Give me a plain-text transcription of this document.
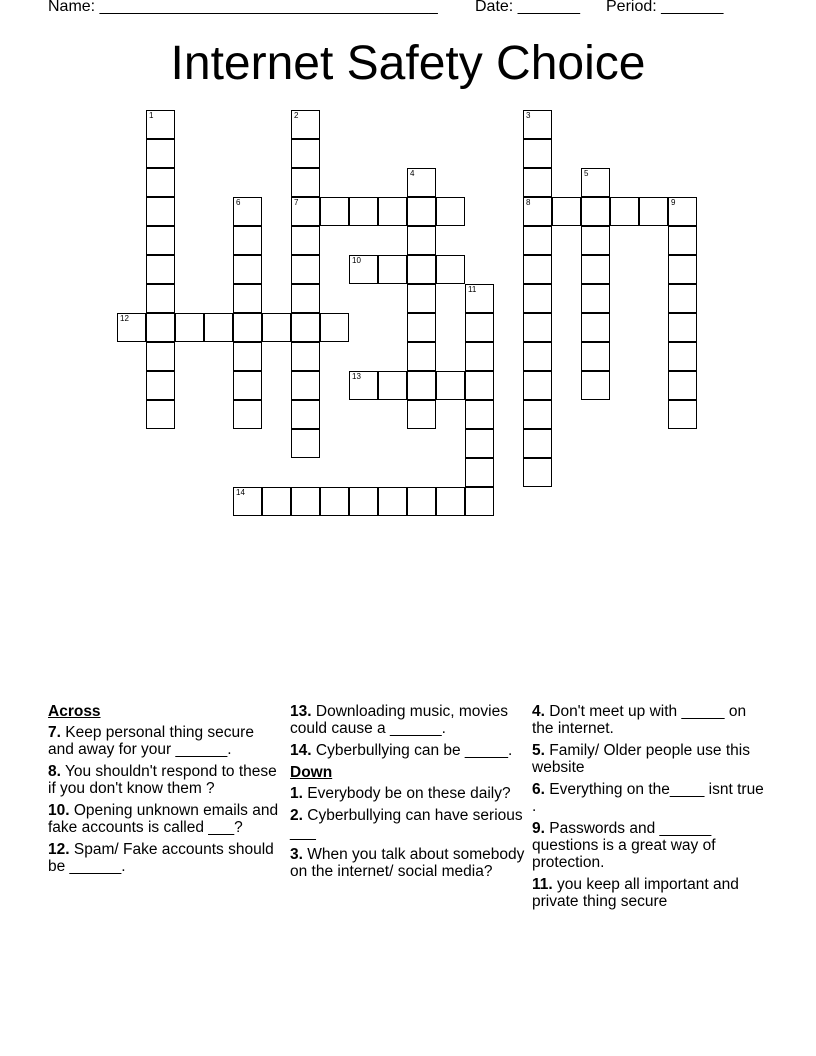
Name: ______________________________________ Date: _______ Period: _______
Internet Safety Choice
1	2
7
3
8
4	5
6	9
10
11
12
13
14
Across
7. Keep personal thing secure and away for your ______.
8. You shouldn't respond to these if you don't know them ?
10. Opening unknown emails and fake accounts is called ___?
12. Spam/ Fake accounts should be ______.
13. Downloading music, movies could cause a ______.
14. Cyberbullying can be _____.
Down
1. Everybody be on these daily?
2. Cyberbullying can have serious ___
3. When you talk about somebody on the internet/ social media?
4. Don't meet up with _____ on the internet.
5. Family/ Older people use this website
6. Everything on the____ isnt true .
9. Passwords and ______ questions is a great way of protection.
11. you keep all important and private thing secure
